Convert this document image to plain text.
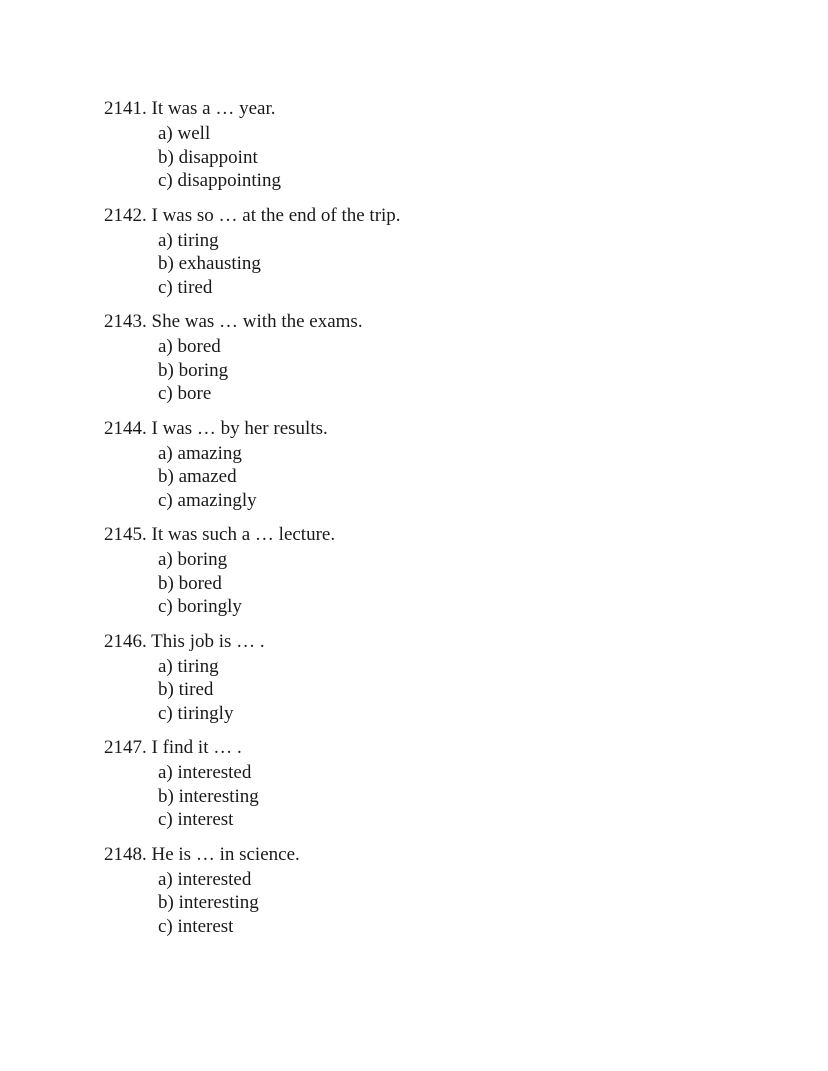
2141. It was a … year.
a) well
b) disappoint
c) disappointing
2142. I was so … at the end of the trip.
a) tiring
b) exhausting
c) tired
2143. She was … with the exams.
a) bored
b) boring
c) bore
2144. I was … by her results.
a) amazing
b) amazed
c) amazingly
2145. It was such a … lecture.
a) boring
b) bored
c) boringly
2146. This job is … .
a) tiring
b) tired
c) tiringly
2147. I find it … .
a) interested
b) interesting
c) interest
2148. He is … in science.
a) interested
b) interesting
c) interest
